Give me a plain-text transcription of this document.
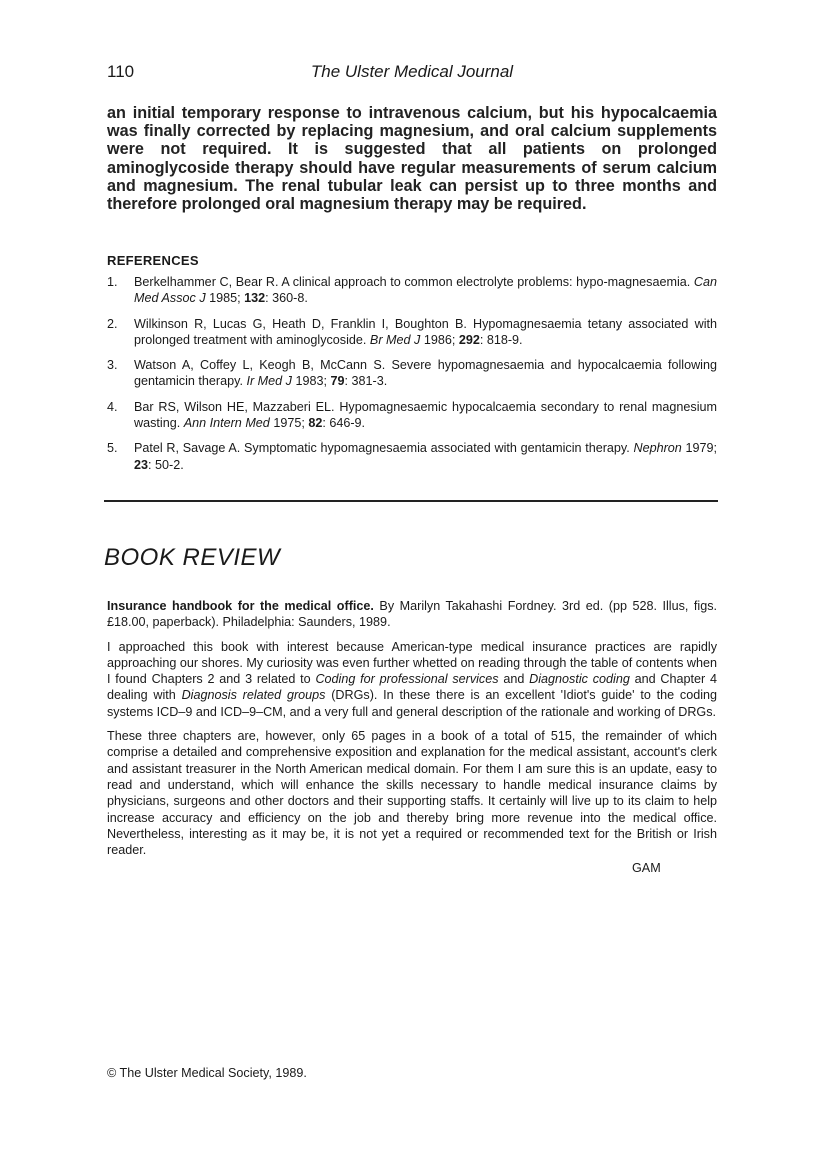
110	The Ulster Medical Journal

an initial temporary response to intravenous calcium, but his hypocalcaemia was finally corrected by replacing magnesium, and oral calcium supplements were not required. It is suggested that all patients on prolonged aminoglycoside therapy should have regular measurements of serum calcium and magnesium. The renal tubular leak can persist up to three months and therefore prolonged oral magnesium therapy may be required.

REFERENCES
1. Berkelhammer C, Bear R. A clinical approach to common electrolyte problems: hypo-magnesaemia. Can Med Assoc J 1985; 132: 360-8.
2. Wilkinson R, Lucas G, Heath D, Franklin I, Boughton B. Hypomagnesaemia tetany associated with prolonged treatment with aminoglycoside. Br Med J 1986; 292: 818-9.
3. Watson A, Coffey L, Keogh B, McCann S. Severe hypomagnesaemia and hypocalcaemia following gentamicin therapy. Ir Med J 1983; 79: 381-3.
4. Bar RS, Wilson HE, Mazzaberi EL. Hypomagnesaemic hypocalcaemia secondary to renal magnesium wasting. Ann Intern Med 1975; 82: 646-9.
5. Patel R, Savage A. Symptomatic hypomagnesaemia associated with gentamicin therapy. Nephron 1979; 23: 50-2.
BOOK REVIEW

Insurance handbook for the medical office. By Marilyn Takahashi Fordney. 3rd ed. (pp 528. Illus, figs. £18.00, paperback). Philadelphia: Saunders, 1989.

I approached this book with interest because American-type medical insurance practices are rapidly approaching our shores. My curiosity was even further whetted on reading through the table of contents when I found Chapters 2 and 3 related to Coding for professional services and Diagnostic coding and Chapter 4 dealing with Diagnosis related groups (DRGs). In these there is an excellent 'Idiot's guide' to the coding systems ICD–9 and ICD–9–CM, and a very full and general description of the rationale and working of DRGs.

These three chapters are, however, only 65 pages in a book of a total of 515, the remainder of which comprise a detailed and comprehensive exposition and explanation for the medical assistant, account's clerk and assistant treasurer in the North American medical domain. For them I am sure this is an update, easy to read and understand, which will enhance the skills necessary to handle medical insurance claims by physicians, surgeons and other doctors and their supporting staffs. It certainly will live up to its claim to help increase accuracy and efficiency on the job and thereby bring more revenue into the medical office. Nevertheless, interesting as it may be, it is not yet a required or recommended text for the British or Irish reader.

GAM
© The Ulster Medical Society, 1989.
